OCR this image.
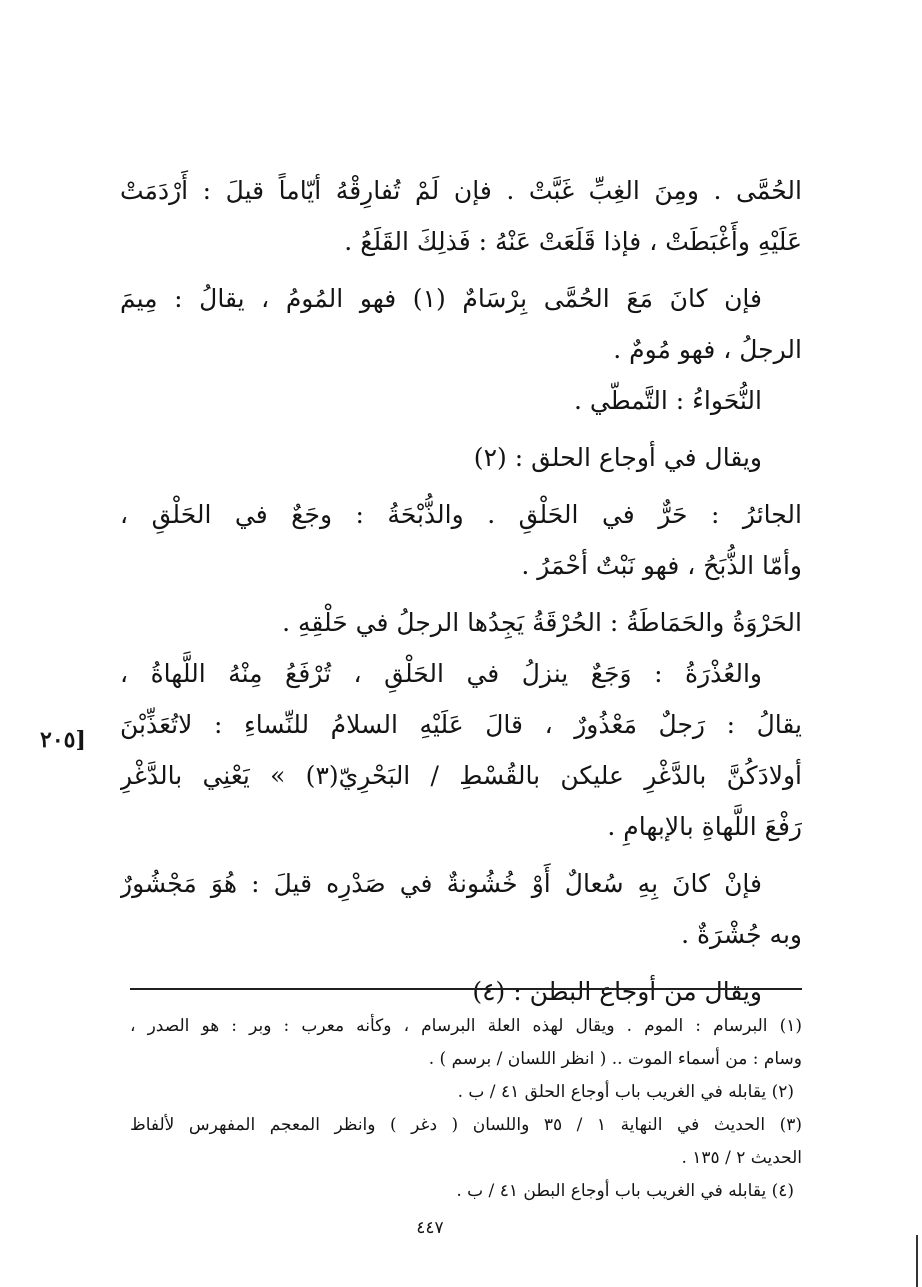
الحُمَّى . ومِنَ الغِبِّ غَبَّتْ . فإن لَمْ تُفارِقْهُ أيّاماً قيلَ : أَرْدَمَتْ
عَلَيْهِ وأَغْبَطَتْ ، فإذا قَلَعَتْ عَنْهُ : فَذلِكَ القَلَعُ .
فإن كانَ مَعَ الحُمَّى بِرْسَامٌ (١) فهو المُومُ ، يقالُ : مِيمَ
الرجلُ ، فهو مُومٌ .
النُّحَواءُ : التَّمطّي .
ويقال في أوجاع الحلق : (٢)
الجائرُ : حَرٌّ في الحَلْقِ . والذُّبْحَةُ : وجَعٌ في الحَلْقِ ،
وأمّا الذُّبَحُ ، فهو نَبْتٌ أحْمَرُ .
الحَرْوَةُ والحَمَاطَةُ : الحُرْقَةُ يَجِدُها الرجلُ في حَلْقِهِ .
والعُذْرَةُ : وَجَعٌ ينزلُ في الحَلْقِ ، تُرْفَعُ مِنْهُ اللَّهاةُ ،
يقالُ : رَجلٌ مَعْذُورٌ ، قالَ عَلَيْهِ السلامُ للنِّساءِ : لاتُعَذِّبْنَ
أولادَكُنَّ بالدَّغْرِ عليكن بالقُسْطِ / البَحْرِيّ(٣) » يَعْنِي بالدَّغْرِ
رَفْعَ اللَّهاةِ بالإبهامِ .
فإنْ كانَ بِهِ سُعالٌ أَوْ خُشُونةٌ في صَدْرِه قيلَ : هُوَ مَجْشُورٌ
وبه جُشْرَةٌ .
ويقال من أوجاع البطن : (٤)
[٢٠٥
(١) البرسام : الموم . ويقال لهذه العلة البرسام ، وكأنه معرب : وبر : هو الصدر ،
وسام : من أسماء الموت .. ( انظر اللسان / برسم ) .
(٢) يقابله في الغريب باب أوجاع الحلق ٤١ / ب .
(٣) الحديث في النهاية ١ / ٣٥ واللسان ( دغر ) وانظر المعجم المفهرس لألفاظ
الحديث ٢ / ١٣٥ .
(٤) يقابله في الغريب باب أوجاع البطن ٤١ / ب .
٤٤٧
